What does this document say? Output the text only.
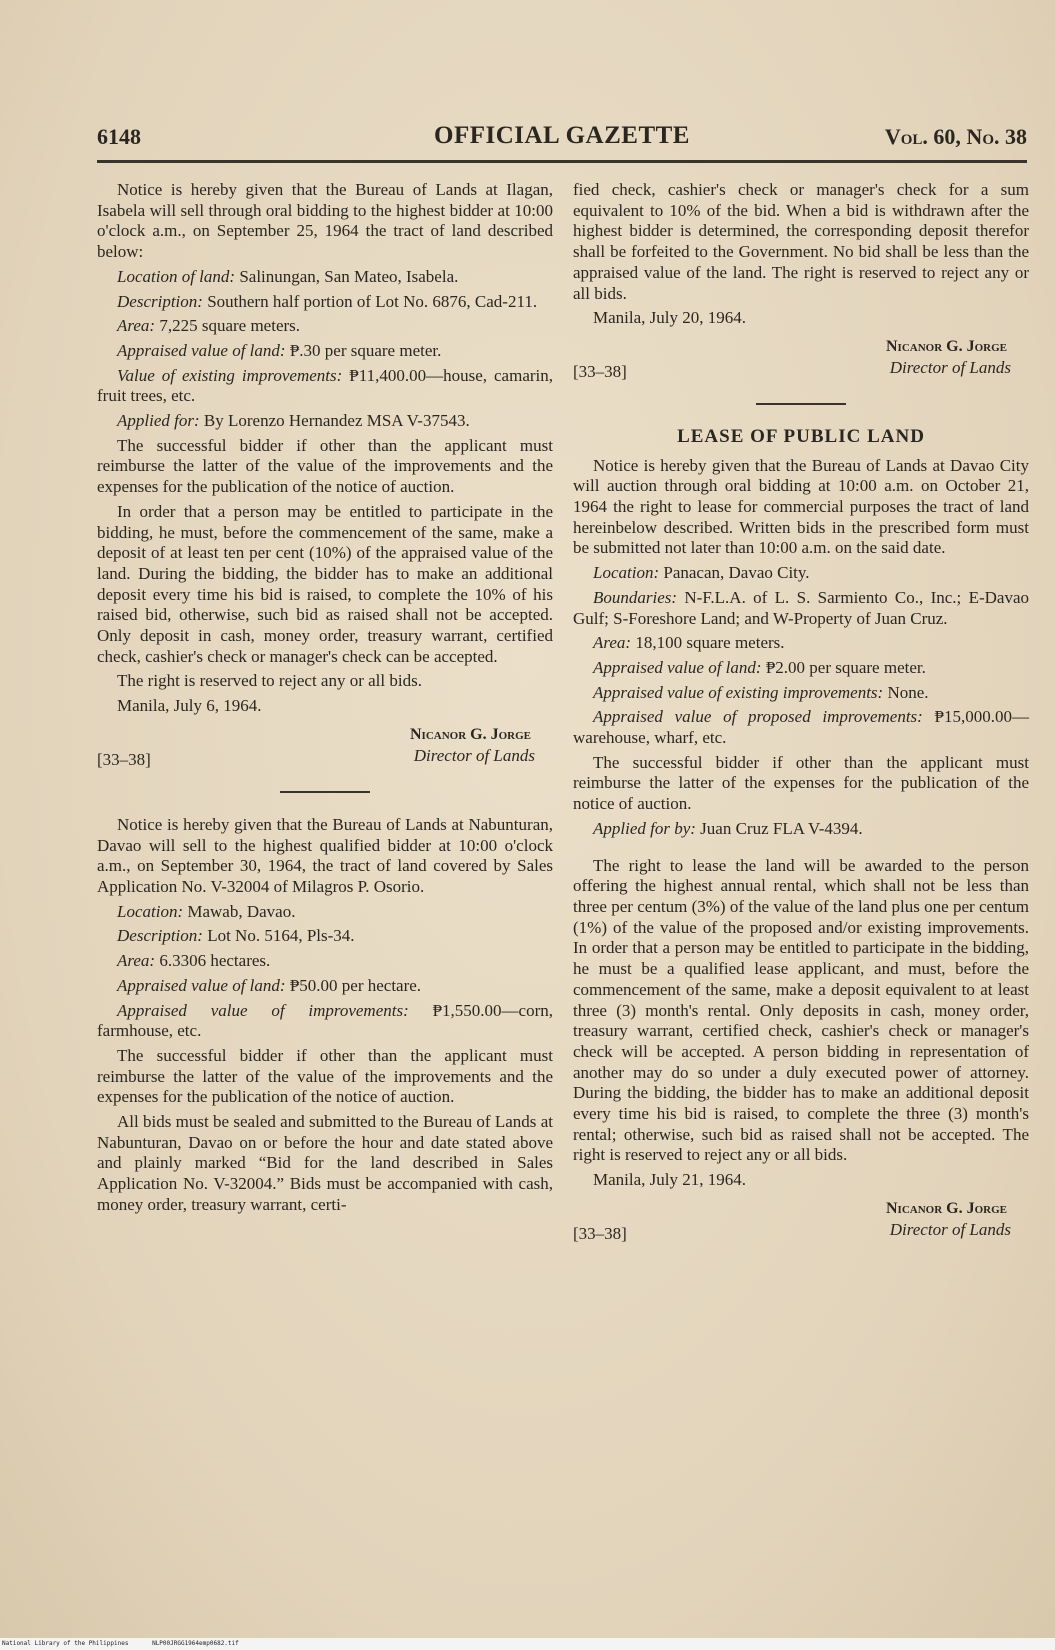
6148	OFFICIAL GAZETTE	Vol. 60, No. 38

Notice is hereby given that the Bureau of Lands at Ilagan, Isabela will sell through oral bidding to the highest bidder at 10:00 o'clock a.m., on September 25, 1964 the tract of land described below:

Location of land: Salinungan, San Mateo, Isabela.

Description: Southern half portion of Lot No. 6876, Cad-211.

Area: 7,225 square meters.

Appraised value of land: ₱.30 per square meter.

Value of existing improvements: ₱11,400.00—house, camarin, fruit trees, etc.

Applied for: By Lorenzo Hernandez MSA V-37543.

The successful bidder if other than the applicant must reimburse the latter of the value of the improvements and the expenses for the publication of the notice of auction.

In order that a person may be entitled to participate in the bidding, he must, before the commencement of the same, make a deposit of at least ten per cent (10%) of the appraised value of the land. During the bidding, the bidder has to make an additional deposit every time his bid is raised, to complete the 10% of his raised bid, otherwise, such bid as raised shall not be accepted. Only deposit in cash, money order, treasury warrant, certified check, cashier's check or manager's check can be accepted.

The right is reserved to reject any or all bids.

Manila, July 6, 1964.

Nicanor G. Jorge
Director of Lands
[33–38]

Notice is hereby given that the Bureau of Lands at Nabunturan, Davao will sell to the highest qualified bidder at 10:00 o'clock a.m., on September 30, 1964, the tract of land covered by Sales Application No. V-32004 of Milagros P. Osorio.

Location: Mawab, Davao.

Description: Lot No. 5164, Pls-34.

Area: 6.3306 hectares.

Appraised value of land: ₱50.00 per hectare.

Appraised value of improvements: ₱1,550.00—corn, farmhouse, etc.

The successful bidder if other than the applicant must reimburse the latter of the value of the improvements and the expenses for the publication of the notice of auction.

All bids must be sealed and submitted to the Bureau of Lands at Nabunturan, Davao on or before the hour and date stated above and plainly marked “Bid for the land described in Sales Application No. V-32004.” Bids must be accompanied with cash, money order, treasury warrant, certi-

fied check, cashier's check or manager's check for a sum equivalent to 10% of the bid. When a bid is withdrawn after the highest bidder is determined, the corresponding deposit therefor shall be forfeited to the Government. No bid shall be less than the appraised value of the land. The right is reserved to reject any or all bids.

Manila, July 20, 1964.

Nicanor G. Jorge
Director of Lands
[33–38]
LEASE OF PUBLIC LAND

Notice is hereby given that the Bureau of Lands at Davao City will auction through oral bidding at 10:00 a.m. on October 21, 1964 the right to lease for commercial purposes the tract of land hereinbelow described. Written bids in the prescribed form must be submitted not later than 10:00 a.m. on the said date.

Location: Panacan, Davao City.

Boundaries: N-F.L.A. of L. S. Sarmiento Co., Inc.; E-Davao Gulf; S-Foreshore Land; and W-Property of Juan Cruz.

Area: 18,100 square meters.

Appraised value of land: ₱2.00 per square meter.

Appraised value of existing improvements: None.

Appraised value of proposed improvements: ₱15,000.00—warehouse, wharf, etc.

The successful bidder if other than the applicant must reimburse the latter of the expenses for the publication of the notice of auction.

Applied for by: Juan Cruz FLA V-4394.

The right to lease the land will be awarded to the person offering the highest annual rental, which shall not be less than three per centum (3%) of the value of the land plus one per centum (1%) of the value of the proposed and/or existing improvements. In order that a person may be entitled to participate in the bidding, he must be a qualified lease applicant, and must, before the commencement of the same, make a deposit equivalent to at least three (3) month's rental. Only deposits in cash, money order, treasury warrant, certified check, cashier's check or manager's check will be accepted. A person bidding in representation of another may do so under a duly executed power of attorney. During the bidding, the bidder has to make an additional deposit every time his bid is raised, to complete the three (3) month's rental; otherwise, such bid as raised shall not be accepted. The right is reserved to reject any or all bids.

Manila, July 21, 1964.

Nicanor G. Jorge
Director of Lands
[33–38]
National Library of the Philippines	NLP00JRGG1964emp0682.tif
